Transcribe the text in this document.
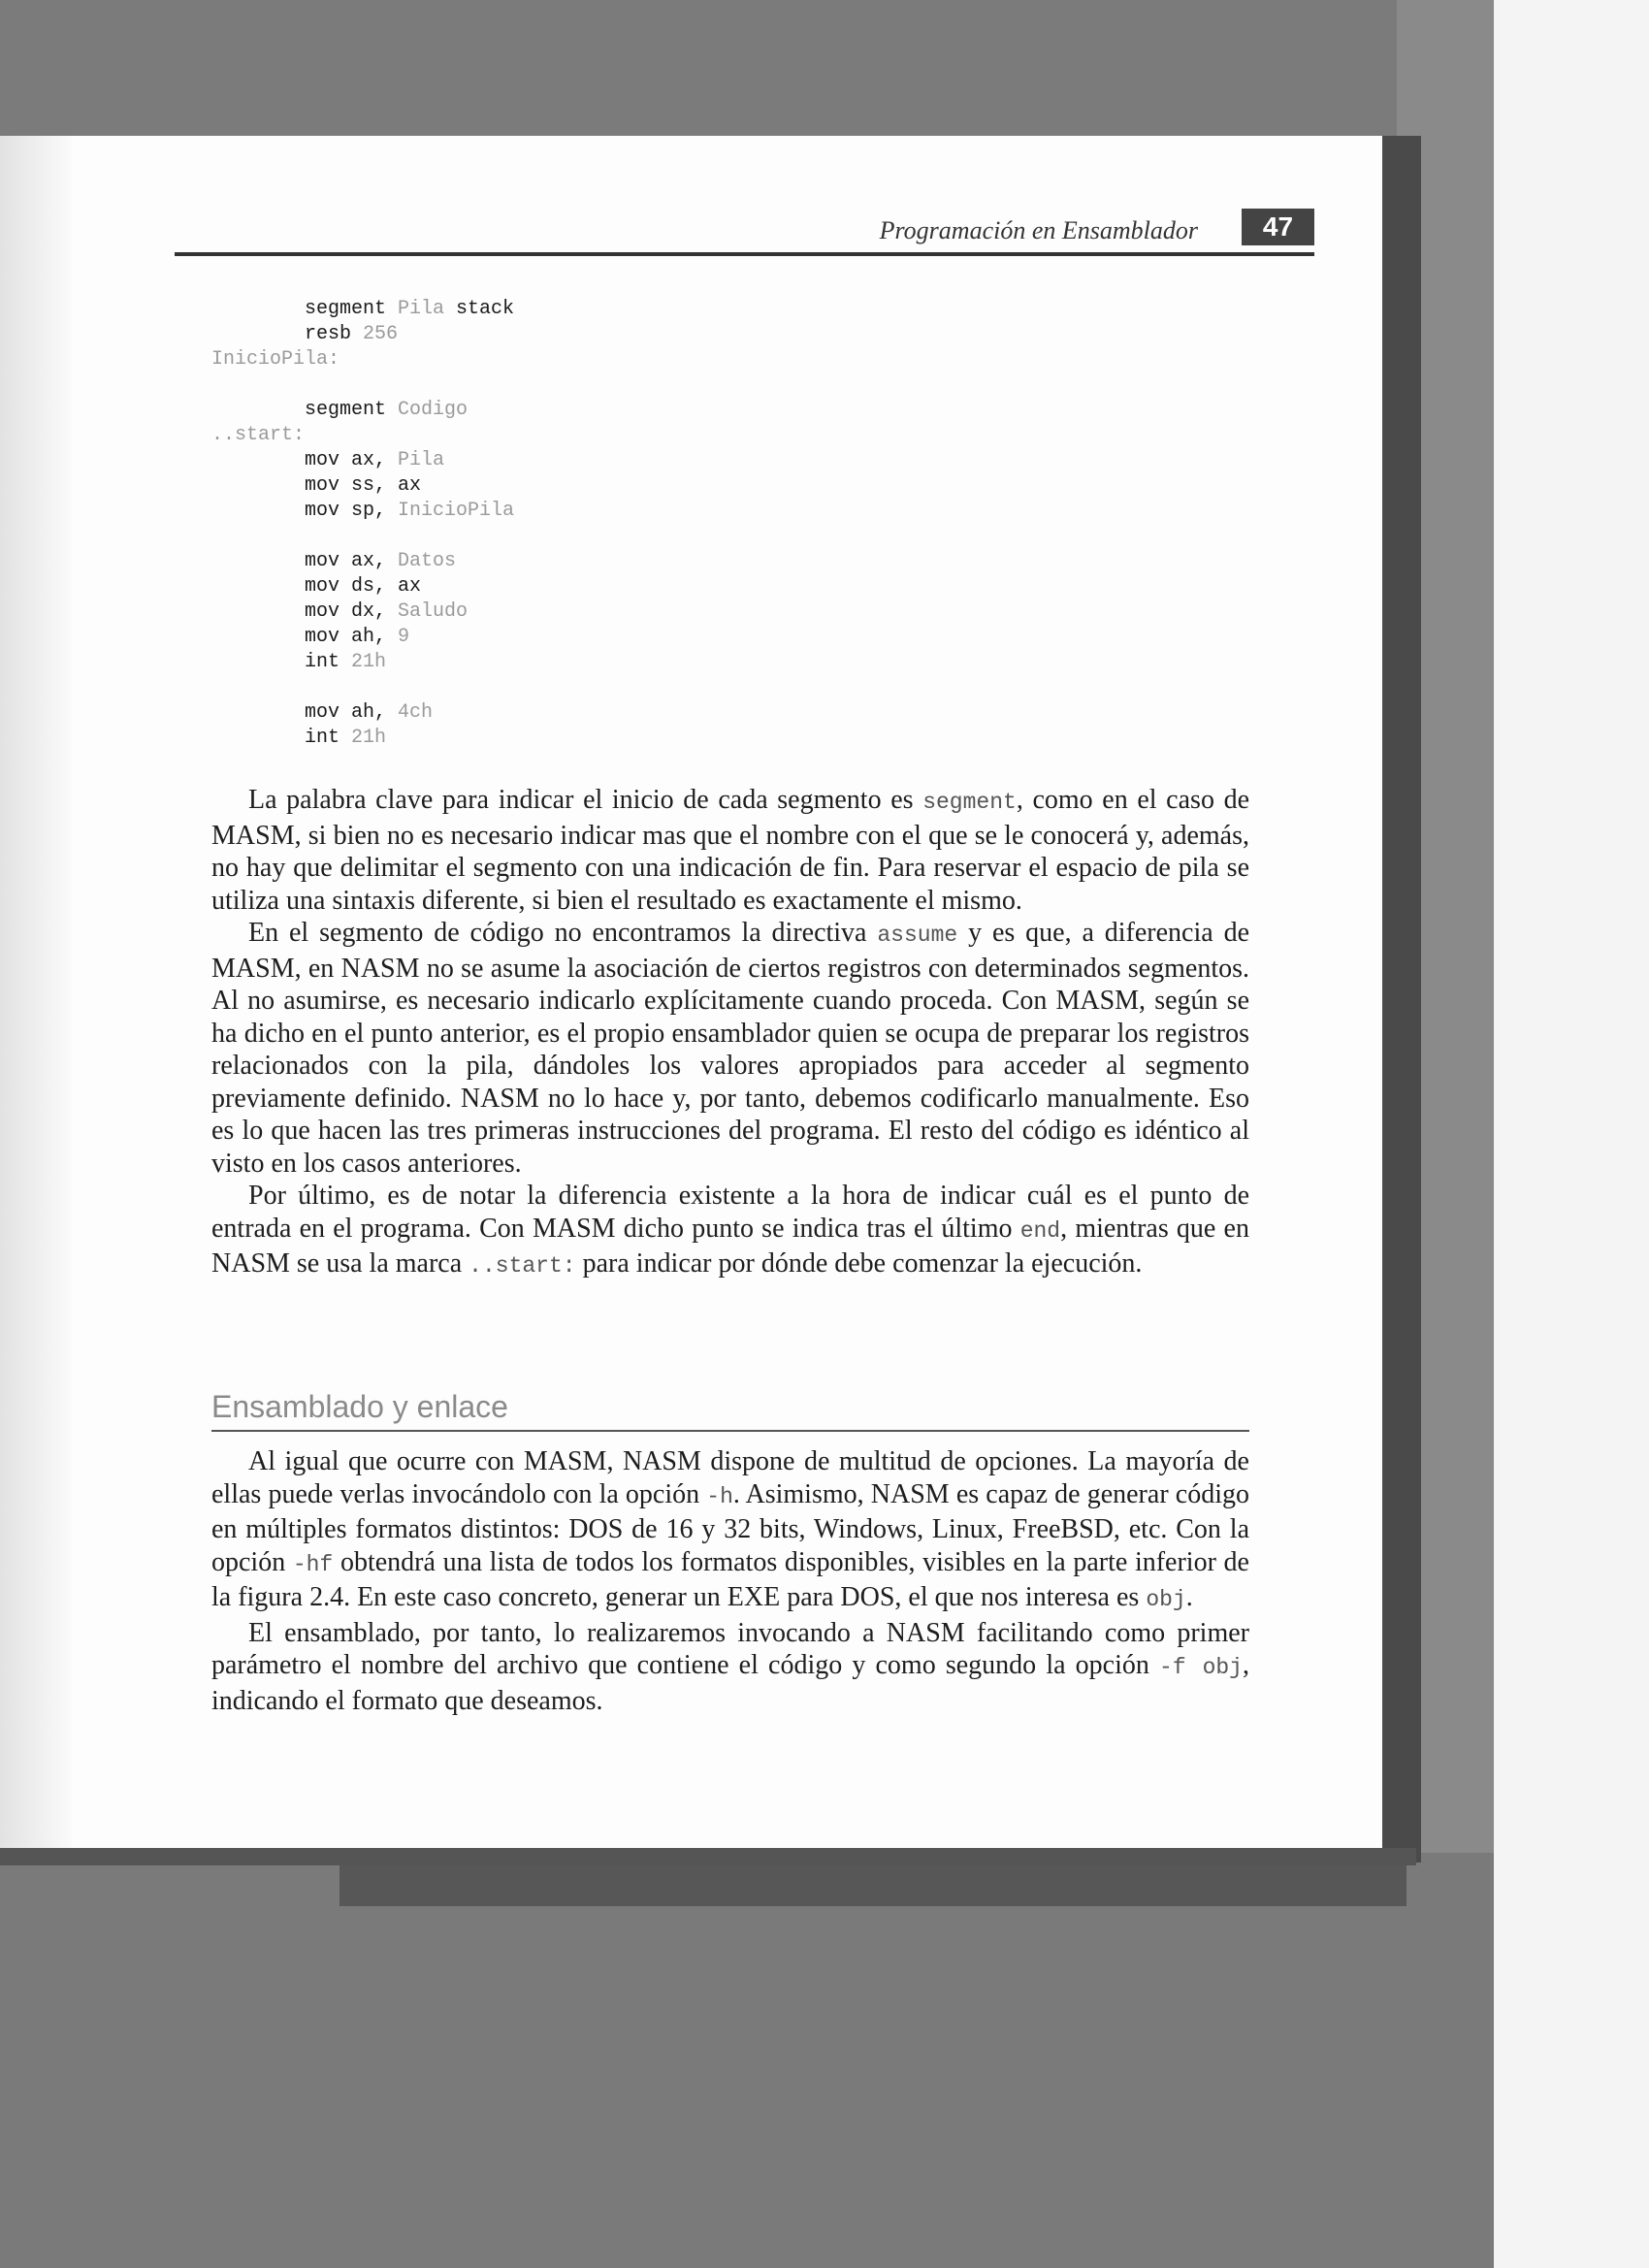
Programación en Ensamblador	47
segment Pila stack
resb 256
InicioPila:
segment Codigo
..start:
mov ax, Pila
mov ss, ax
mov sp, InicioPila
mov ax, Datos
mov ds, ax
mov dx, Saludo
mov ah, 9
int 21h
mov ah, 4ch
int 21h

La palabra clave para indicar el inicio de cada segmento es segment, como en el caso de MASM, si bien no es necesario indicar mas que el nombre con el que se le conocerá y, además, no hay que delimitar el segmento con una indicación de fin. Para reservar el espacio de pila se utiliza una sintaxis diferente, si bien el resultado es exactamente el mismo.

En el segmento de código no encontramos la directiva assume y es que, a diferencia de MASM, en NASM no se asume la asociación de ciertos registros con determinados segmentos. Al no asumirse, es necesario indicarlo explícitamente cuando proceda. Con MASM, según se ha dicho en el punto anterior, es el propio ensamblador quien se ocupa de preparar los registros relacionados con la pila, dándoles los valores apropiados para acceder al segmento previamente definido. NASM no lo hace y, por tanto, debemos codificarlo manualmente. Eso es lo que hacen las tres primeras instrucciones del programa. El resto del código es idéntico al visto en los casos anteriores.

Por último, es de notar la diferencia existente a la hora de indicar cuál es el punto de entrada en el programa. Con MASM dicho punto se indica tras el último end, mientras que en NASM se usa la marca ..start: para indicar por dónde debe comenzar la ejecución.

Ensamblado y enlace

Al igual que ocurre con MASM, NASM dispone de multitud de opciones. La mayoría de ellas puede verlas invocándolo con la opción -h. Asimismo, NASM es capaz de generar código en múltiples formatos distintos: DOS de 16 y 32 bits, Windows, Linux, FreeBSD, etc. Con la opción -hf obtendrá una lista de todos los formatos disponibles, visibles en la parte inferior de la figura 2.4. En este caso concreto, generar un EXE para DOS, el que nos interesa es obj.

El ensamblado, por tanto, lo realizaremos invocando a NASM facilitando como primer parámetro el nombre del archivo que contiene el código y como segundo la opción -f obj, indicando el formato que deseamos.
